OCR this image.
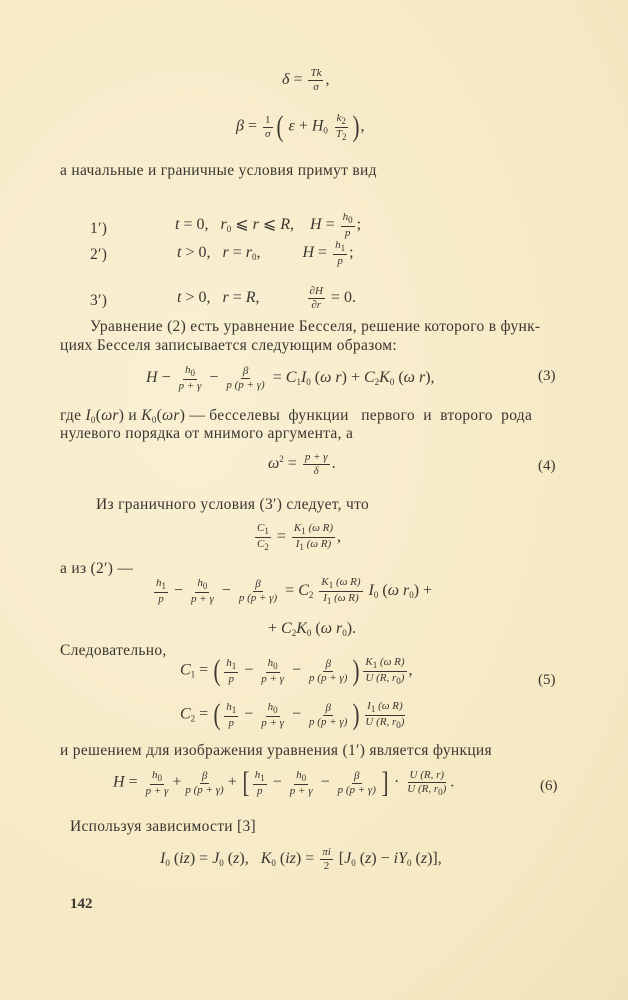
$\delta = \frac{Tk}{\sigma}$ ,
$\beta = \frac{1}{\sigma}$ ( $\varepsilon + H_0 \frac{k_2}{T_2}$ ),
а начальные и граничные условия примут вид
1′)	t = 0,   $r_0$ ⩽ r ⩽ R,    $H = \frac{h_0}{p}$ ;
2′)	t > 0,   $r = r_0$, $H = \frac{h_1}{p}$ ;
3′)	t > 0,   r = R,	$\frac{\partial H}{\partial r} = 0$.
Уравнение (2) есть уравнение Бесселя, решение которого в функ-
циях Бесселя записывается следующим образом:
$H - \frac{h_0}{p + \gamma} - \frac{\beta}{p (p + \gamma)} = C_1I_0$ (ω $r) + C_2K_0$ (ω r),	(3)
где $I_0(\omega r)$ и $K_0(\omega r)$ — бесселевы  функции   первого  и  второго  рода
нулевого порядка от мнимого аргумента, а
$\omega^2 = \frac{p + \gamma}{\delta}$ .	(4)
Из граничного условия (3′) следует, что
$\frac{C_1}{C_2} = \frac{K_1 (\omega R)}{I_1 (\omega R)}$ ,
а из (2′) —
$\frac{h_1}{p} - \frac{h_0}{p + \gamma} - \frac{\beta}{p (p + \gamma)} = C_2 \frac{K_1 (\omega R)}{I_1 (\omega R)} I_0$ (ω $r_0$) +
+ $C_2K_0$ (ω $r_0$).
Следовательно,
$C_1$ = ( $\frac{h_1}{p} - \frac{h_0}{p + \gamma} - \frac{\beta}{p (p + \gamma)}$ ) $\frac{K_1 (\omega R)}{U (R, r_0)}$ ,
(5)
$C_2$ = ( $\frac{h_1}{p} - \frac{h_0}{p + \gamma} - \frac{\beta}{p (p + \gamma)}$ ) $\frac{I_1 (\omega R)}{U (R, r_0)}$
и решением для изображения уравнения (1′) является функция
$H = \frac{h_0}{p + \gamma} + \frac{\beta}{p (p + \gamma)}$ + [ $\frac{h_1}{p} - \frac{h_0}{p + \gamma} - \frac{\beta}{p (p + \gamma)}$ ] · $\frac{U (R, r)}{U (R, r_0)}$ .	(6)
Используя зависимости [3]
$I_0$ $(iz) = J_0$ (z),   $K_0$ $(iz) = \frac{\pi i}{2} [J_0$ $(z) - iY_0$ (z)],
142
